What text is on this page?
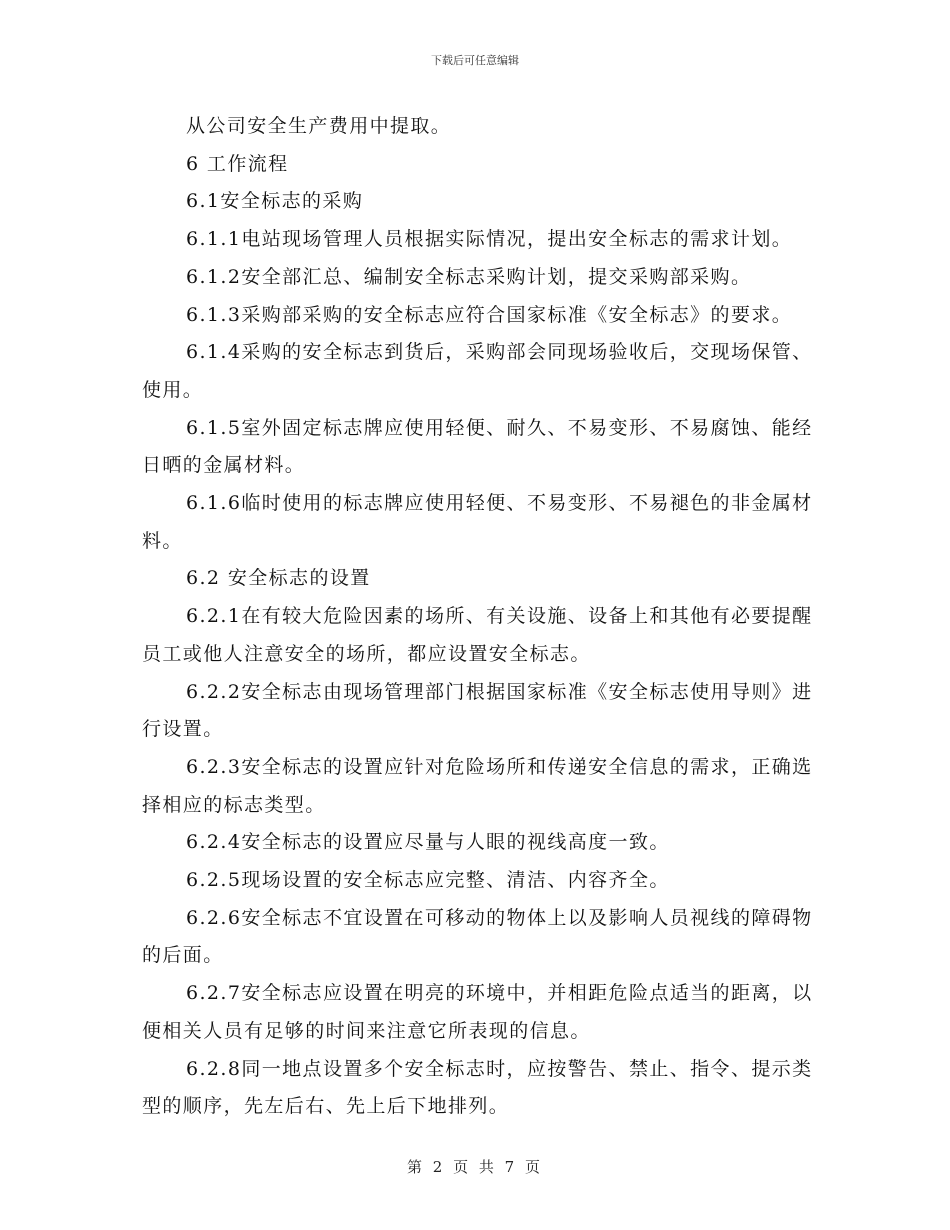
下载后可任意编辑

从公司安全生产费用中提取。

6 工作流程

6.1安全标志的采购

6.1.1电站现场管理人员根据实际情况，提出安全标志的需求计划。

6.1.2安全部汇总、编制安全标志采购计划，提交采购部采购。

6.1.3采购部采购的安全标志应符合国家标准《安全标志》的要求。

6.1.4采购的安全标志到货后，采购部会同现场验收后，交现场保管、使用。

6.1.5室外固定标志牌应使用轻便、耐久、不易变形、不易腐蚀、能经日晒的金属材料。

6.1.6临时使用的标志牌应使用轻便、不易变形、不易褪色的非金属材料。

6.2 安全标志的设置

6.2.1在有较大危险因素的场所、有关设施、设备上和其他有必要提醒员工或他人注意安全的场所，都应设置安全标志。

6.2.2安全标志由现场管理部门根据国家标准《安全标志使用导则》进行设置。

6.2.3安全标志的设置应针对危险场所和传递安全信息的需求，正确选择相应的标志类型。

6.2.4安全标志的设置应尽量与人眼的视线高度一致。

6.2.5现场设置的安全标志应完整、清洁、内容齐全。

6.2.6安全标志不宜设置在可移动的物体上以及影响人员视线的障碍物的后面。

6.2.7安全标志应设置在明亮的环境中，并相距危险点适当的距离，以便相关人员有足够的时间来注意它所表现的信息。

6.2.8同一地点设置多个安全标志时，应按警告、禁止、指令、提示类型的顺序，先左后右、先上后下地排列。

第 2 页 共 7 页
